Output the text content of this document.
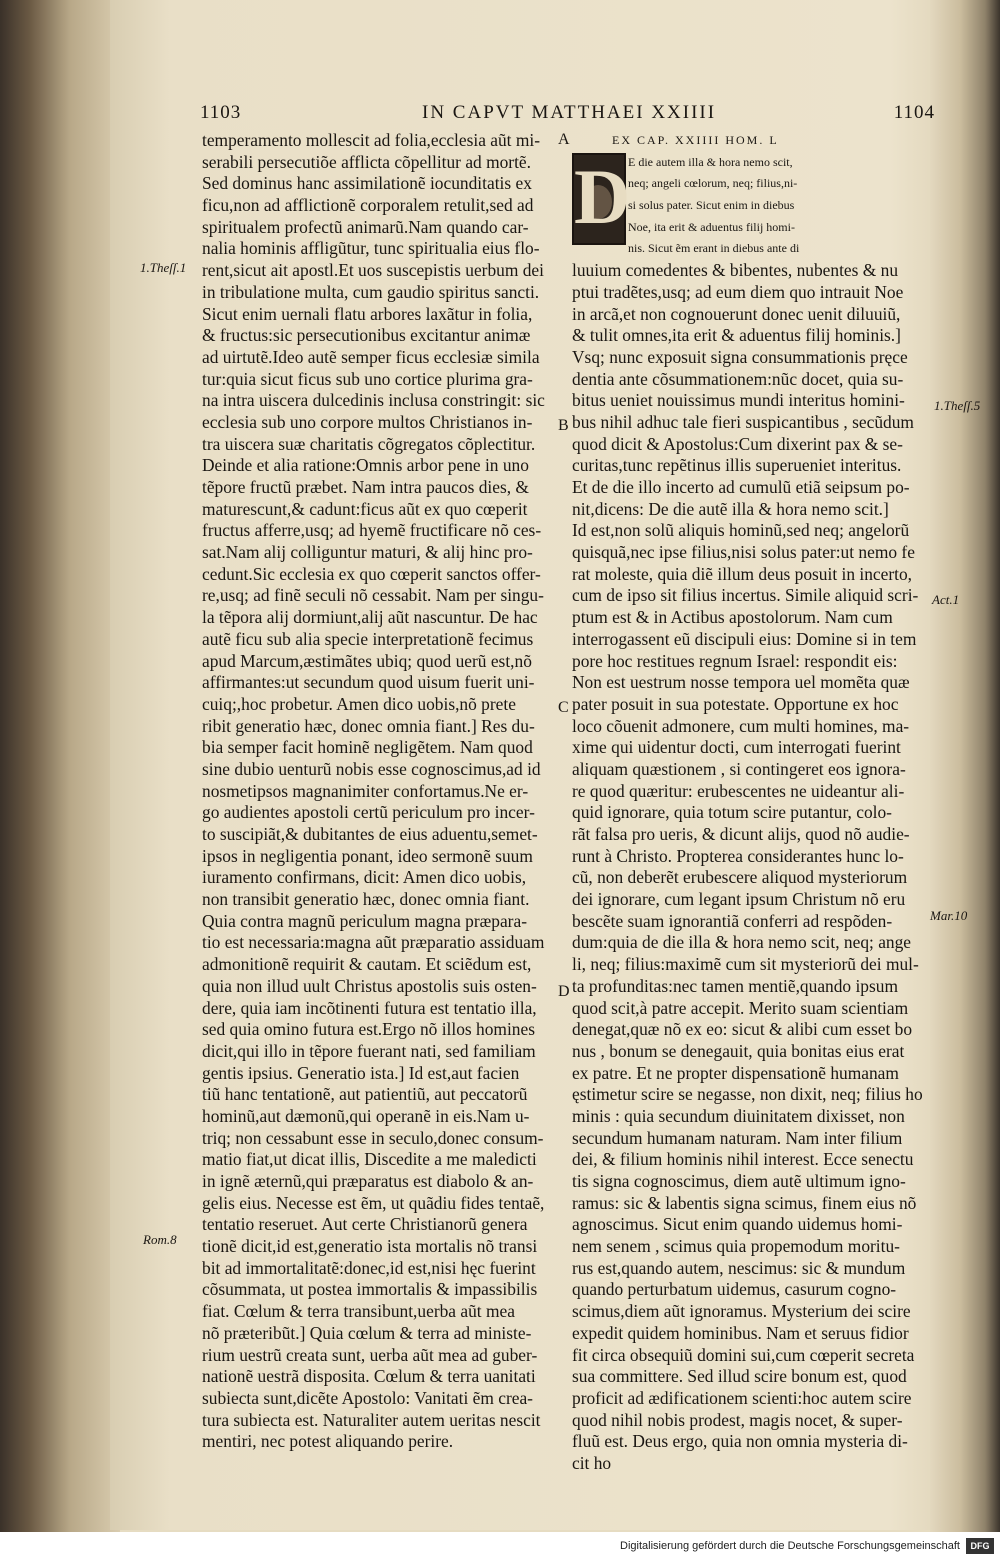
1103	IN CAPVT MATTHAEI XXIIII	1104
temperamento mollescit ad folia,ecclesia aũt mi-
serabili persecutiõe afflicta cõpellitur ad mortẽ.
Sed dominus hanc assimilationẽ iocunditatis ex
ficu,non ad afflictionẽ corporalem retulit,sed ad
spiritualem profectũ animarũ.Nam quando car-
nalia hominis affligũtur, tunc spiritualia eius flo-
rent,sicut ait apostl.Et uos suscepistis uerbum dei
in tribulatione multa, cum gaudio spiritus sancti.
Sicut enim uernali flatu arbores laxãtur in folia,
& fructus:sic persecutionibus excitantur animæ
ad uirtutẽ.Ideo autẽ semper ficus ecclesiæ simila
tur:quia sicut ficus sub uno cortice plurima gra-
na intra uiscera dulcedinis inclusa constringit: sic
ecclesia sub uno corpore multos Christianos in-
tra uiscera suæ charitatis cõgregatos cõplectitur.
Deinde et alia ratione:Omnis arbor pene in uno
tẽpore fructũ præbet. Nam intra paucos dies, &
maturescunt,& cadunt:ficus aũt ex quo cœperit
fructus afferre,usq; ad hyemẽ fructificare nõ ces-
sat.Nam alij colliguntur maturi, & alij hinc pro-
cedunt.Sic ecclesia ex quo cœperit sanctos offer-
re,usq; ad finẽ seculi nõ cessabit. Nam per singu-
la tẽpora alij dormiunt,alij aũt nascuntur. De hac
autẽ ficu sub alia specie interpretationẽ fecimus
apud Marcum,æstimãtes ubiq; quod uerũ est,nõ
affirmantes:ut secundum quod uisum fuerit uni-
cuiq;,hoc probetur. Amen dico uobis,nõ prete
ribit generatio hæc, donec omnia fiant.] Res du-
bia semper facit hominẽ negligẽtem. Nam quod
sine dubio uenturũ nobis esse cognoscimus,ad id
nosmetipsos magnanimiter confortamus.Ne er-
go audientes apostoli certũ periculum pro incer-
to suscipiãt,& dubitantes de eius aduentu,semet-
ipsos in negligentia ponant, ideo sermonẽ suum
iuramento confirmans, dicit: Amen dico uobis,
non transibit generatio hæc, donec omnia fiant.
Quia contra magnũ periculum magna præpara-
tio est necessaria:magna aũt præparatio assiduam
admonitionẽ requirit & cautam. Et sciẽdum est,
quia non illud uult Christus apostolis suis osten-
dere, quia iam incõtinenti futura est tentatio illa,
sed quia omino futura est.Ergo nõ illos homines
dicit,qui illo in tẽpore fuerant nati, sed familiam
gentis ipsius. Generatio ista.] Id est,aut facien
tiũ hanc tentationẽ, aut patientiũ, aut peccatorũ
hominũ,aut dæmonũ,qui operanẽ in eis.Nam u-
triq; non cessabunt esse in seculo,donec consum-
matio fiat,ut dicat illis, Discedite a me maledicti
in ignẽ æternũ,qui præparatus est diabolo & an-
gelis eius. Necesse est ẽm, ut quãdiu fides tentaẽ,
tentatio reseruet. Aut certe Christianorũ genera
tionẽ dicit,id est,generatio ista mortalis nõ transi
bit ad immortalitatẽ:donec,id est,nisi hęc fuerint
cõsummata, ut postea immortalis & impassibilis
fiat. Cœlum & terra transibunt,uerba aũt mea
nõ præteribũt.] Quia cœlum & terra ad ministe-
rium uestrũ creata sunt, uerba aũt mea ad guber-
nationẽ uestrã disposita. Cœlum & terra uanitati
subiecta sunt,dicẽte Apostolo: Vanitati ẽm crea-
tura subiecta est. Naturaliter autem ueritas nescit
mentiri, nec potest aliquando perire.
D
EX CAP. XXIIII HOM. L
E die autem illa & hora nemo scit,
neq; angeli cœlorum, neq; filius,ni-
si solus pater. Sicut enim in diebus
Noe, ita erit & aduentus filij homi-
nis. Sicut ẽm erant in diebus ante di
luuium comedentes & bibentes, nubentes & nu
ptui tradẽtes,usq; ad eum diem quo intrauit Noe
in arcã,et non cognouerunt donec uenit diluuiũ,
& tulit omnes,ita erit & aduentus filij hominis.]
Vsq; nunc exposuit signa consummationis pręce
dentia ante cõsummationem:nũc docet, quia su-
bitus ueniet nouissimus mundi interitus homini-
bus nihil adhuc tale fieri suspicantibus , secũdum
quod dicit & Apostolus:Cum dixerint pax & se-
curitas,tunc repẽtinus illis superueniet interitus.
Et de die illo incerto ad cumulũ etiã seipsum po-
nit,dicens: De die autẽ illa & hora nemo scit.]
Id est,non solũ aliquis hominũ,sed neq; angelorũ
quisquã,nec ipse filius,nisi solus pater:ut nemo fe
rat moleste, quia diẽ illum deus posuit in incerto,
cum de ipso sit filius incertus. Simile aliquid scri-
ptum est & in Actibus apostolorum. Nam cum
interrogassent eũ discipuli eius: Domine si in tem
pore hoc restitues regnum Israel: respondit eis:
Non est uestrum nosse tempora uel momẽta quæ
pater posuit in sua potestate. Opportune ex hoc
loco cõuenit admonere, cum multi homines, ma-
xime qui uidentur docti, cum interrogati fuerint
aliquam quæstionem , si contingeret eos ignora-
re quod quæritur: erubescentes ne uideantur ali-
quid ignorare, quia totum scire putantur, colo-
rãt falsa pro ueris, & dicunt alijs, quod nõ audie-
runt à Christo. Propterea considerantes hunc lo-
cũ, non deberẽt erubescere aliquod mysteriorum
dei ignorare, cum legant ipsum Christum nõ eru
bescẽte suam ignorantiã conferri ad respõden-
dum:quia de die illa & hora nemo scit, neq; ange
li, neq; filius:maximẽ cum sit mysteriorũ dei mul-
ta profunditas:nec tamen mentiẽ,quando ipsum
quod scit,à patre accepit. Merito suam scientiam
denegat,quæ nõ ex eo: sicut & alibi cum esset bo
nus , bonum se denegauit, quia bonitas eius erat
ex patre. Et ne propter dispensationẽ humanam
ęstimetur scire se negasse, non dixit, neq; filius ho
minis : quia secundum diuinitatem dixisset, non
secundum humanam naturam. Nam inter filium
dei, & filium hominis nihil interest. Ecce senectu
tis signa cognoscimus, diem autẽ ultimum igno-
ramus: sic & labentis signa scimus, finem eius nõ
agnoscimus. Sicut enim quando uidemus homi-
nem senem , scimus quia propemodum moritu-
rus est,quando autem, nescimus: sic & mundum
quando perturbatum uidemus, casurum cogno-
scimus,diem aũt ignoramus. Mysterium dei scire
expedit quidem hominibus. Nam et seruus fidior
fit circa obsequiũ domini sui,cum cœperit secreta
sua committere. Sed illud scire bonum est, quod
proficit ad ædificationem scienti:hoc autem scire
quod nihil nobis prodest, magis nocet, & super-
fluũ est. Deus ergo, quia non omnia mysteria di-
cit ho
A
B
C
D
1.Theſſ.1
Rom.8
1.Theſſ.5
Act.1
Mar.10
Digitalisierung gefördert durch die Deutsche Forschungsgemeinschaft	DFG
